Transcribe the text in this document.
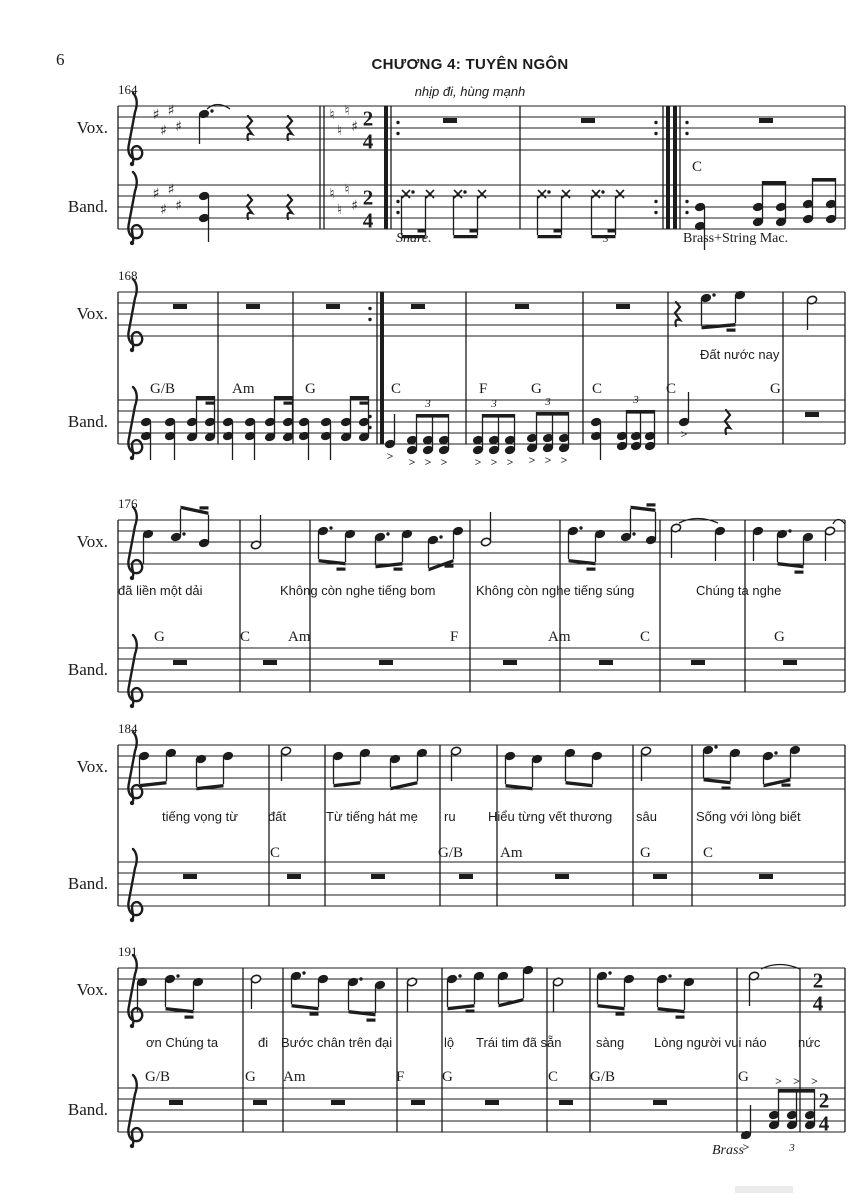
6	CHƯƠNG 4: TUYÊN NGÔN
nhịp đi, hùng mạnh
164
Vox.
Band.
♯
♯
♯
♯
♮
♮
♮
♯ 2
4
♯
♯
♯
♯
♮
♮
♮
♯ 2
4
C
Snare.	3	Brass+String Mac.
168
Vox.
Band.
> > > >
3
> > >
3
> > >
3	3
>
G/B	Am	G	C	F	G	C	C	G
Đất nước nay
176
Vox.
Band.
G	C	Am	F	Am	C	G
đã liền một dải	Không còn nghe tiếng bom	Không còn nghe tiếng súng	Chúng ta nghe
184
Vox.
Band.
C	G/B Am	G	C
tiếng vọng từ đất	Từ tiếng hát mẹ ru Hiểu từng vết thương sâu	Sống với lòng biết
191
Vox.
Band.
2
4
>
> > >
3
2
4
G/B	G Am	F	G	C G/B	G
ơn Chúng ta	đi Bước chân trên đại	lộ Trái tim đã sẵn	sàng Lòng người vui náo nức
Brass
3
